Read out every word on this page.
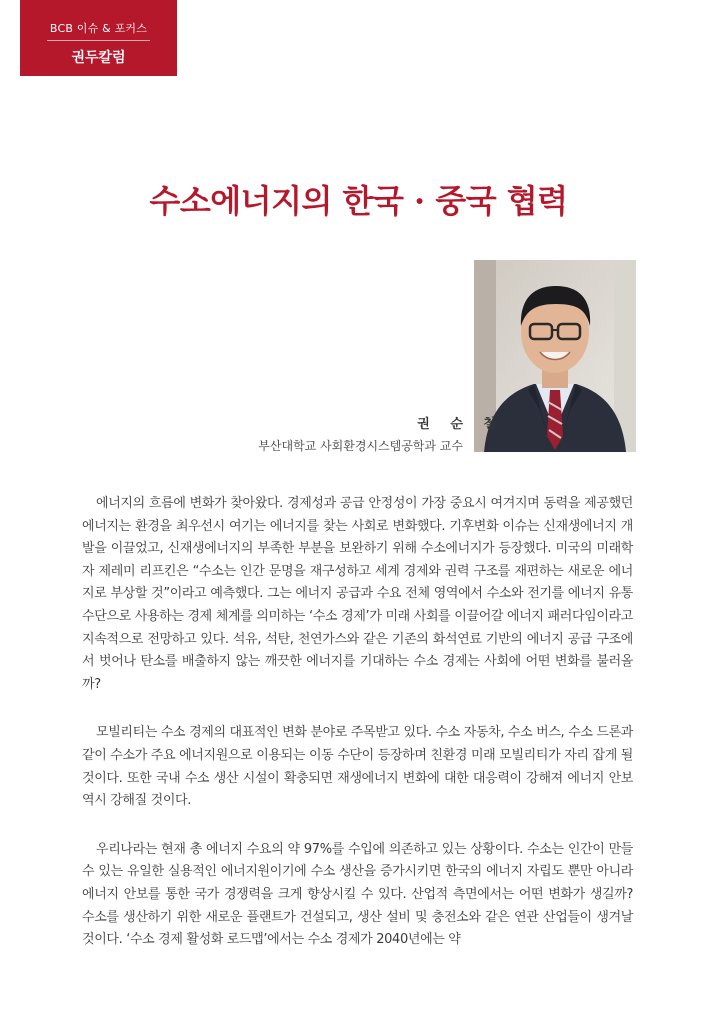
BCB 이슈 & 포커스
권두칼럼
수소에너지의 한국 · 중국 협력
권 순 철
부산대학교 사회환경시스템공학과 교수

에너지의 흐름에 변화가 찾아왔다. 경제성과 공급 안정성이 가장 중요시 여겨지며 동력을 제공했던 에너지는 환경을 최우선시 여기는 에너지를 찾는 사회로 변화했다. 기후변화 이슈는 신재생에너지 개발을 이끌었고, 신재생에너지의 부족한 부분을 보완하기 위해 수소에너지가 등장했다. 미국의 미래학자 제레미 리프킨은 “수소는 인간 문명을 재구성하고 세계 경제와 권력 구조를 재편하는 새로운 에너지로 부상할 것”이라고 예측했다. 그는 에너지 공급과 수요 전체 영역에서 수소와 전기를 에너지 유통수단으로 사용하는 경제 체계를 의미하는 ‘수소 경제’가 미래 사회를 이끌어갈 에너지 패러다임이라고 지속적으로 전망하고 있다. 석유, 석탄, 천연가스와 같은 기존의 화석연료 기반의 에너지 공급 구조에서 벗어나 탄소를 배출하지 않는 깨끗한 에너지를 기대하는 수소 경제는 사회에 어떤 변화를 불러올까?

모빌리티는 수소 경제의 대표적인 변화 분야로 주목받고 있다. 수소 자동차, 수소 버스, 수소 드론과 같이 수소가 주요 에너지원으로 이용되는 이동 수단이 등장하며 친환경 미래 모빌리티가 자리 잡게 될 것이다. 또한 국내 수소 생산 시설이 확충되면 재생에너지 변화에 대한 대응력이 강해져 에너지 안보 역시 강해질 것이다.

우리나라는 현재 총 에너지 수요의 약 97%를 수입에 의존하고 있는 상황이다. 수소는 인간이 만들 수 있는 유일한 실용적인 에너지원이기에 수소 생산을 증가시키면 한국의 에너지 자립도 뿐만 아니라 에너지 안보를 통한 국가 경쟁력을 크게 향상시킬 수 있다. 산업적 측면에서는 어떤 변화가 생길까? 수소를 생산하기 위한 새로운 플랜트가 건설되고, 생산 설비 및 충전소와 같은 연관 산업들이 생겨날 것이다. ‘수소 경제 활성화 로드맵’에서는 수소 경제가 2040년에는 약
